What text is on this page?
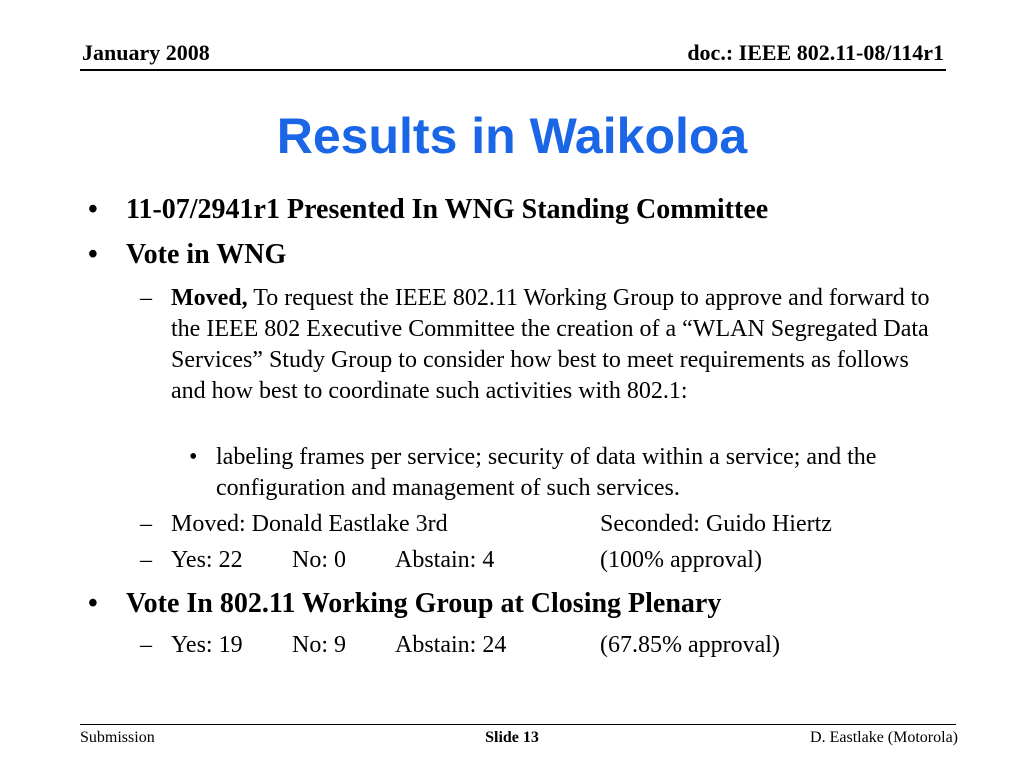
January 2008	doc.: IEEE 802.11-08/114r1
Results in Waikoloa
• 11-07/2941r1 Presented In WNG Standing Committee
• Vote in WNG
– Moved, To request the IEEE 802.11 Working Group to approve and forward to the IEEE 802 Executive Committee the creation of a “WLAN Segregated Data Services” Study Group to consider how best to meet requirements as follows and how best to coordinate such activities with 802.1:
• labeling frames per service; security of data within a service; and the configuration and management of such services.
– Moved: Donald Eastlake 3rd	Seconded: Guido Hiertz
– Yes: 22 No: 0 Abstain: 4	(100% approval)
• Vote In 802.11 Working Group at Closing Plenary
– Yes: 19 No: 9 Abstain: 24	(67.85% approval)
Submission	Slide 13	D. Eastlake (Motorola)
